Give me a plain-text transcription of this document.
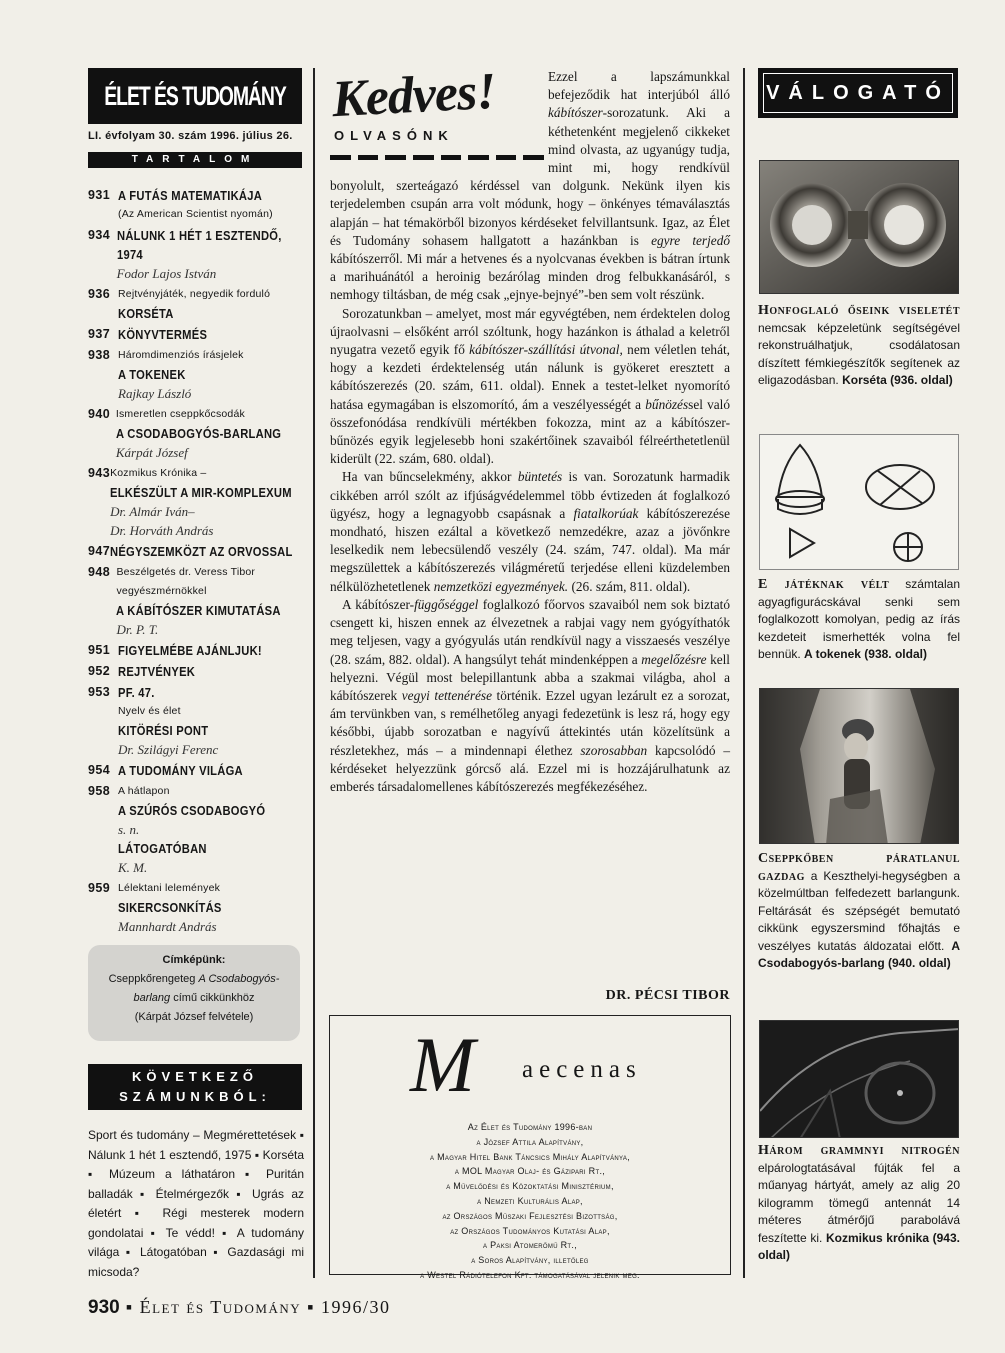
ÉLET ÉS TUDOMÁNY
LI. évfolyam 30. szám 1996. július 26.
TARTALOM
931 A FUTÁS MATEMATIKÁJA
(Az American Scientist nyomán)
934 NÁLUNK 1 HÉT 1 ESZTENDŐ,
1974
Fodor Lajos István
936 Rejtvényjáték, negyedik forduló
KORSÉTA
937 KÖNYVTERMÉS
938 Háromdimenziós írásjelek
A TOKENEK
Rajkay László
940 Ismeretlen cseppkőcsodák
A CSODABOGYÓS-BARLANG
Kárpát József
943 Kozmikus Krónika –
ELKÉSZÜLT A MIR-KOMPLEXUM
Dr. Almár Iván–
Dr. Horváth András
947 NÉGYSZEMKÖZT AZ ORVOSSAL
948 Beszélgetés dr. Veress Tibor
vegyészmérnökkel
A KÁBÍTÓSZER KIMUTATÁSA
Dr. P. T.
951 FIGYELMÉBE AJÁNLJUK!
952 REJTVÉNYEK
953 PF. 47.
Nyelv és élet
KITÖRÉSI PONT
Dr. Szilágyi Ferenc
954 A TUDOMÁNY VILÁGA
958 A hátlapon
A SZÚRÓS CSODABOGYÓ
s. n.
LÁTOGATÓBAN
K. M.
959 Lélektani lelemények
SIKERCSONKÍTÁS
Mannhardt András
Címképünk:
Cseppkőrengeteg A Csodabogyós-
barlang című cikkünkhöz
(Kárpát József felvétele)
KÖVETKEZŐ
SZÁMUNKBÓL:
Sport és tudomány – Megmérettetések ▪ Nálunk 1 hét 1 esztendő, 1975 ▪ Korséta ▪ Múzeum a láthatáron ▪ Puritán balladák ▪ Ételmérgezők ▪ Ugrás az életért ▪ Régi mesterek modern gondolatai ▪ Te védd! ▪ A tudomány világa ▪ Látogatóban ▪ Gazdasági mi micsoda?
Kedves!
OLVASÓNK

Ezzel a lapszámunkkal befejeződik hat interjúból álló kábítószer-sorozatunk. Aki a kéthetenként megjelenő cikkeket mind olvasta, az ugyanúgy tudja, mint mi, hogy rendkívül bonyolult, szerteágazó kérdéssel van dolgunk. Nekünk ilyen kis terjedelemben csupán arra volt módunk, hogy – önkényes témaválasztás alapján – hat témakörből bizonyos kérdéseket felvillantsunk. Igaz, az Élet és Tudomány sohasem hallgatott a hazánkban is egyre terjedő kábítószerről. Mi már a hetvenes és a nyolcvanas években is bátran írtunk a marihuánától a heroinig bezárólag minden drog felbukkanásáról, s nemhogy tiltásban, de még csak „ejnye-bejnyé”-ben sem volt részünk.

Sorozatunkban – amelyet, most már egyvégtében, nem érdektelen dolog újraolvasni – elsőként arról szóltunk, hogy hazánkon is áthalad a keletről nyugatra vezető egyik fő kábítószer-szállítási útvonal, nem véletlen tehát, hogy a kezdeti érdektelenség után nálunk is gyökeret eresztett a kábítószerezés (20. szám, 611. oldal). Ennek a testet-lelket nyomorító hatása egymagában is elszomorító, ám a veszélyességét a bűnözéssel való összefonódása rendkívüli mértékben fokozza, mint az a kábítószer-bűnözés egyik legjelesebb honi szakértőinek szavaiból félreérthetetlenül kiderült (22. szám, 680. oldal).

Ha van bűncselekmény, akkor büntetés is van. Sorozatunk harmadik cikkében arról szólt az ifjúságvédelemmel több évtizeden át foglalkozó ügyész, hogy a legnagyobb csapásnak a fiatalkorúak kábítószerezése mondható, hiszen ezáltal a következő nemzedékre, azaz a jövőnkre leselkedik nem lebecsülendő veszély (24. szám, 747. oldal). Ma már megszülettek a kábítószerezés világméretű terjedése elleni küzdelemben nélkülözhetetlenek nemzetközi egyezmények. (26. szám, 811. oldal).

A kábítószer-függőséggel foglalkozó főorvos szavaiból nem sok biztató csengett ki, hiszen ennek az élvezetnek a rabjai vagy nem gyógyíthatók meg teljesen, vagy a gyógyulás után rendkívül nagy a visszaesés veszélye (28. szám, 882. oldal). A hangsúlyt tehát mindenképpen a megelőzésre kell helyezni. Végül most belepillantunk abba a szakmai világba, ahol a kábítószerek vegyi tettenérése történik. Ezzel ugyan lezárult ez a sorozat, ám tervünkben van, s remélhetőleg anyagi fedezetünk is lesz rá, hogy egy későbbi, újabb sorozatban e nagyívű áttekintés után közelítsünk a részletekhez, más – a mindennapi élethez szorosabban kapcsolódó – kérdéseket helyezzünk górcső alá. Ezzel mi is hozzájárulhatunk az emberés társadalomellenes kábítószerezés megfékezéséhez.

DR. PÉCSI TIBOR
M aecenas
Az Élet és Tudomány 1996-ban
a József Attila Alapítvány,
a Magyar Hitel Bank Táncsics Mihály Alapítványa,
a MOL Magyar Olaj- és Gázipari Rt.,
a Művelődési és Közoktatási Minisztérium,
a Nemzeti Kulturális Alap,
az Országos Műszaki Fejlesztési Bizottság,
az Országos Tudományos Kutatási Alap,
a Paksi Atomerőmű Rt.,
a Soros Alapítvány, illetőleg
a Westel Rádiótelefon Kft. támogatásával jelenik meg.
VÁLOGATÓ
Honfoglaló őseink viseletét nemcsak képzeletünk segítségével rekonstruálhatjuk, csodálatosan díszített fémkiegészítők segítenek az eligazodásban. Korséta (936. oldal)
E játéknak vélt számtalan agyagfigurácskával senki sem foglalkozott komolyan, pedig az írás kezdeteit ismerhették volna fel bennük. A tokenek (938. oldal)
Cseppkőben páratlanul gazdag a Keszthelyi-hegységben a közelmúltban felfedezett barlangunk. Feltárását és szépségét bemutató cikkünk egyszersmind főhajtás e veszélyes kutatás áldozatai előtt. A Csodabogyós-barlang (940. oldal)
Három grammnyi nitrogén elpárologtatásával fújták fel a műanyag hártyát, amely az alig 20 kilogramm tömegű antennát 14 méteres átmérőjű parabolává feszítette ki. Kozmikus krónika (943. oldal)
930 ▪ Élet és Tudomány ▪ 1996/30
